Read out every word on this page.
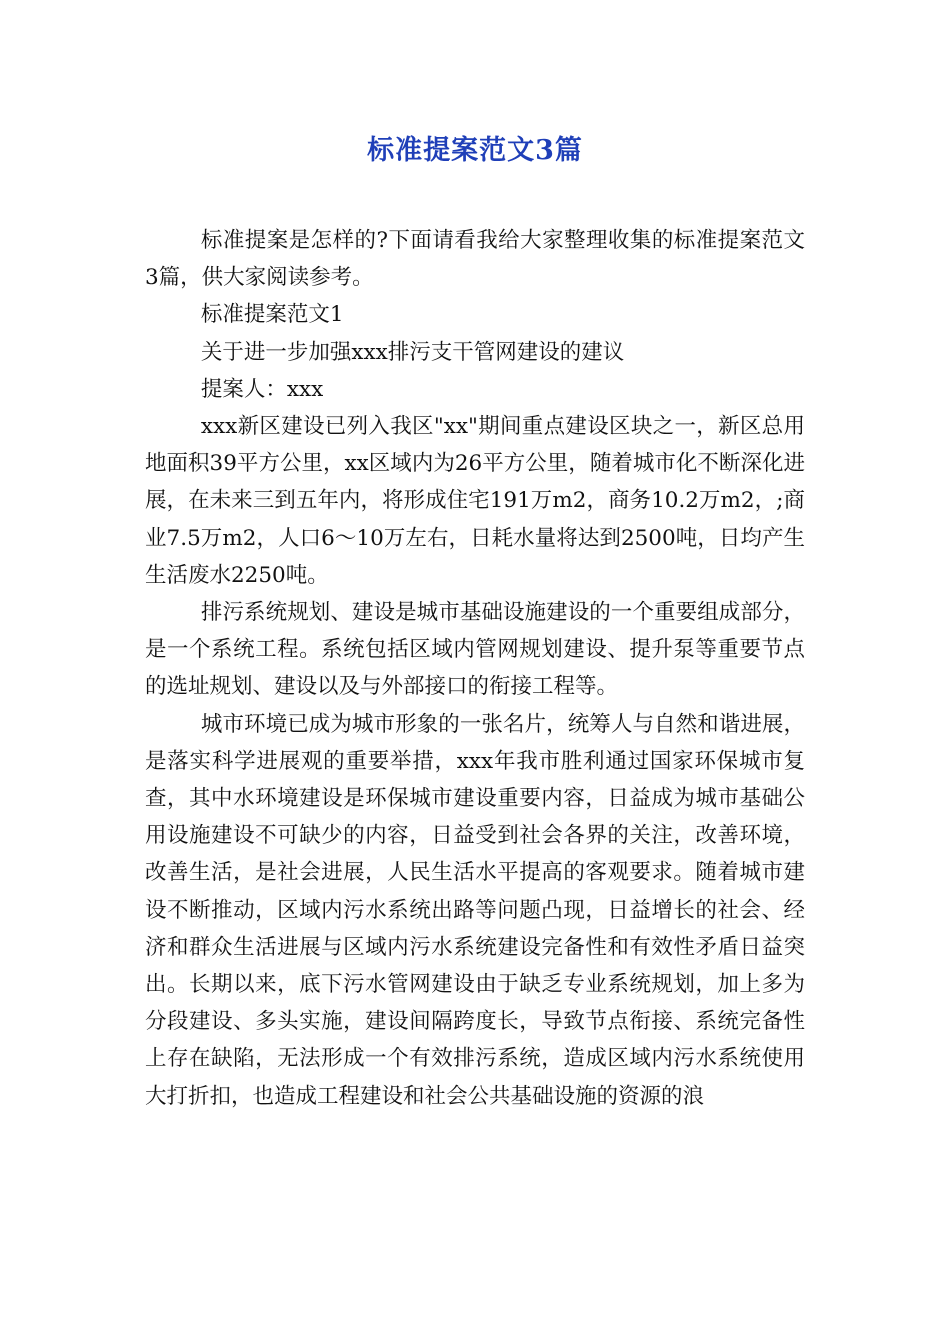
标准提案范文3篇

标准提案是怎样的?下面请看我给大家整理收集的标准提案范文3篇，供大家阅读参考。

标准提案范文1

关于进一步加强xxx排污支干管网建设的建议

提案人：xxx

xxx新区建设已列入我区"xx"期间重点建设区块之一，新区总用地面积39平方公里，xx区域内为26平方公里，随着城市化不断深化进展，在未来三到五年内，将形成住宅191万m2，商务10.2万m2，;商业7.5万m2，人口6～10万左右，日耗水量将达到2500吨，日均产生生活废水2250吨。

排污系统规划、建设是城市基础设施建设的一个重要组成部分，是一个系统工程。系统包括区域内管网规划建设、提升泵等重要节点的选址规划、建设以及与外部接口的衔接工程等。

城市环境已成为城市形象的一张名片，统筹人与自然和谐进展，是落实科学进展观的重要举措，xxx年我市胜利通过国家环保城市复查，其中水环境建设是环保城市建设重要内容，日益成为城市基础公用设施建设不可缺少的内容，日益受到社会各界的关注，改善环境，改善生活，是社会进展，人民生活水平提高的客观要求。随着城市建设不断推动，区域内污水系统出路等问题凸现，日益增长的社会、经济和群众生活进展与区域内污水系统建设完备性和有效性矛盾日益突出。长期以来，底下污水管网建设由于缺乏专业系统规划，加上多为分段建设、多头实施，建设间隔跨度长，导致节点衔接、系统完备性上存在缺陷，无法形成一个有效排污系统，造成区域内污水系统使用大打折扣，也造成工程建设和社会公共基础设施的资源的浪
